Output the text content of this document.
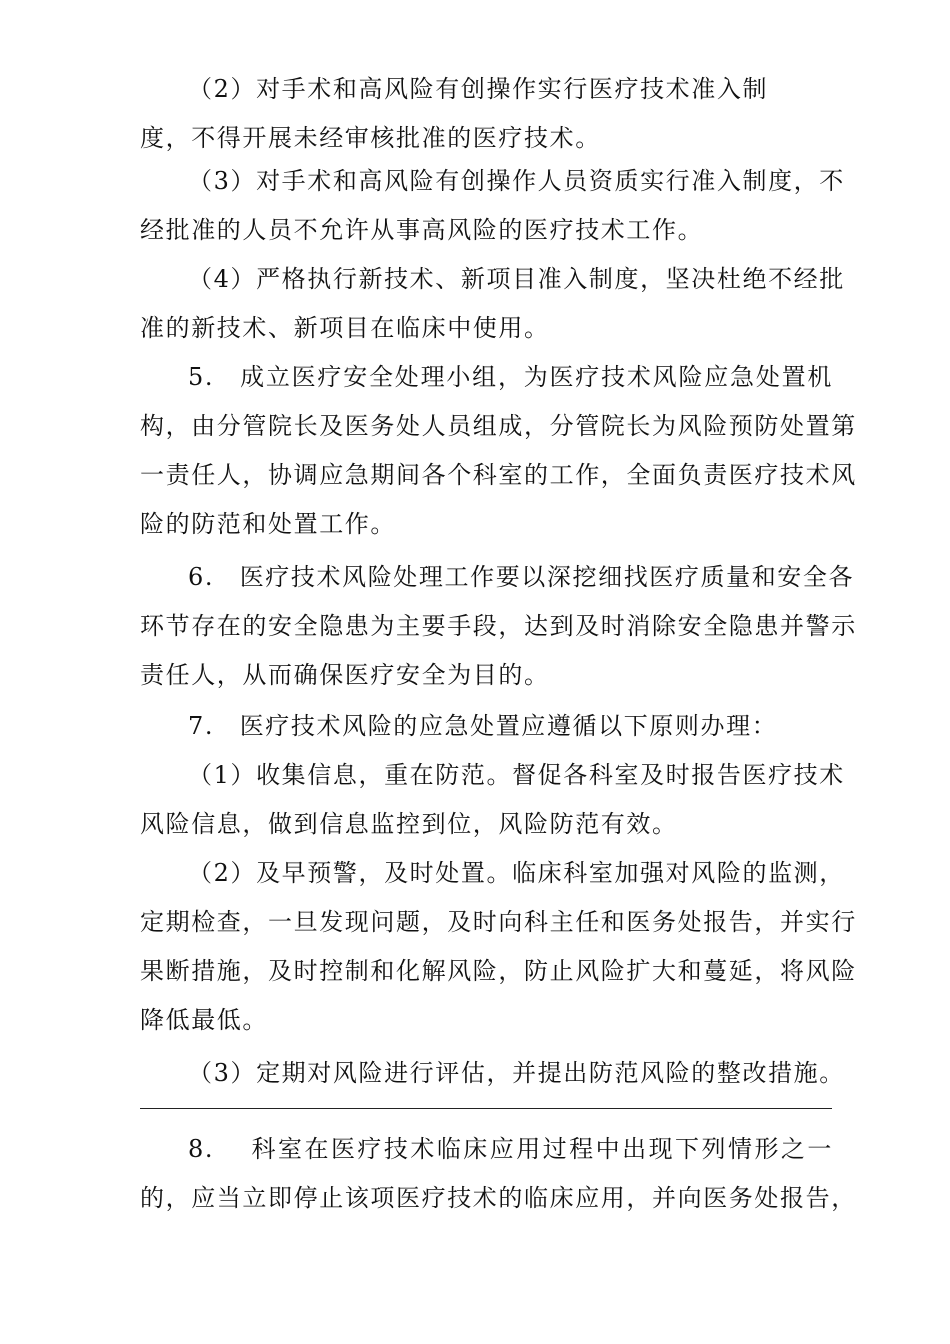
（2）对手术和高风险有创操作实行医疗技术准入制
度，不得开展未经审核批准的医疗技术。
（3）对手术和高风险有创操作人员资质实行准入制度，不
经批准的人员不允许从事高风险的医疗技术工作。
（4）严格执行新技术、新项目准入制度，坚决杜绝不经批
准的新技术、新项目在临床中使用。
5.　成立医疗安全处理小组，为医疗技术风险应急处置机
构，由分管院长及医务处人员组成，分管院长为风险预防处置第
一责任人，协调应急期间各个科室的工作，全面负责医疗技术风
险的防范和处置工作。
6.　医疗技术风险处理工作要以深挖细找医疗质量和安全各
环节存在的安全隐患为主要手段，达到及时消除安全隐患并警示
责任人，从而确保医疗安全为目的。
7.　医疗技术风险的应急处置应遵循以下原则办理：
（1）收集信息，重在防范。督促各科室及时报告医疗技术
风险信息，做到信息监控到位，风险防范有效。
（2）及早预警，及时处置。临床科室加强对风险的监测，
定期检查，一旦发现问题，及时向科主任和医务处报告，并实行
果断措施，及时控制和化解风险，防止风险扩大和蔓延，将风险
降低最低。
（3）定期对风险进行评估，并提出防范风险的整改措施。
8.　 科室在医疗技术临床应用过程中出现下列情形之一
的，应当立即停止该项医疗技术的临床应用，并向医务处报告，
